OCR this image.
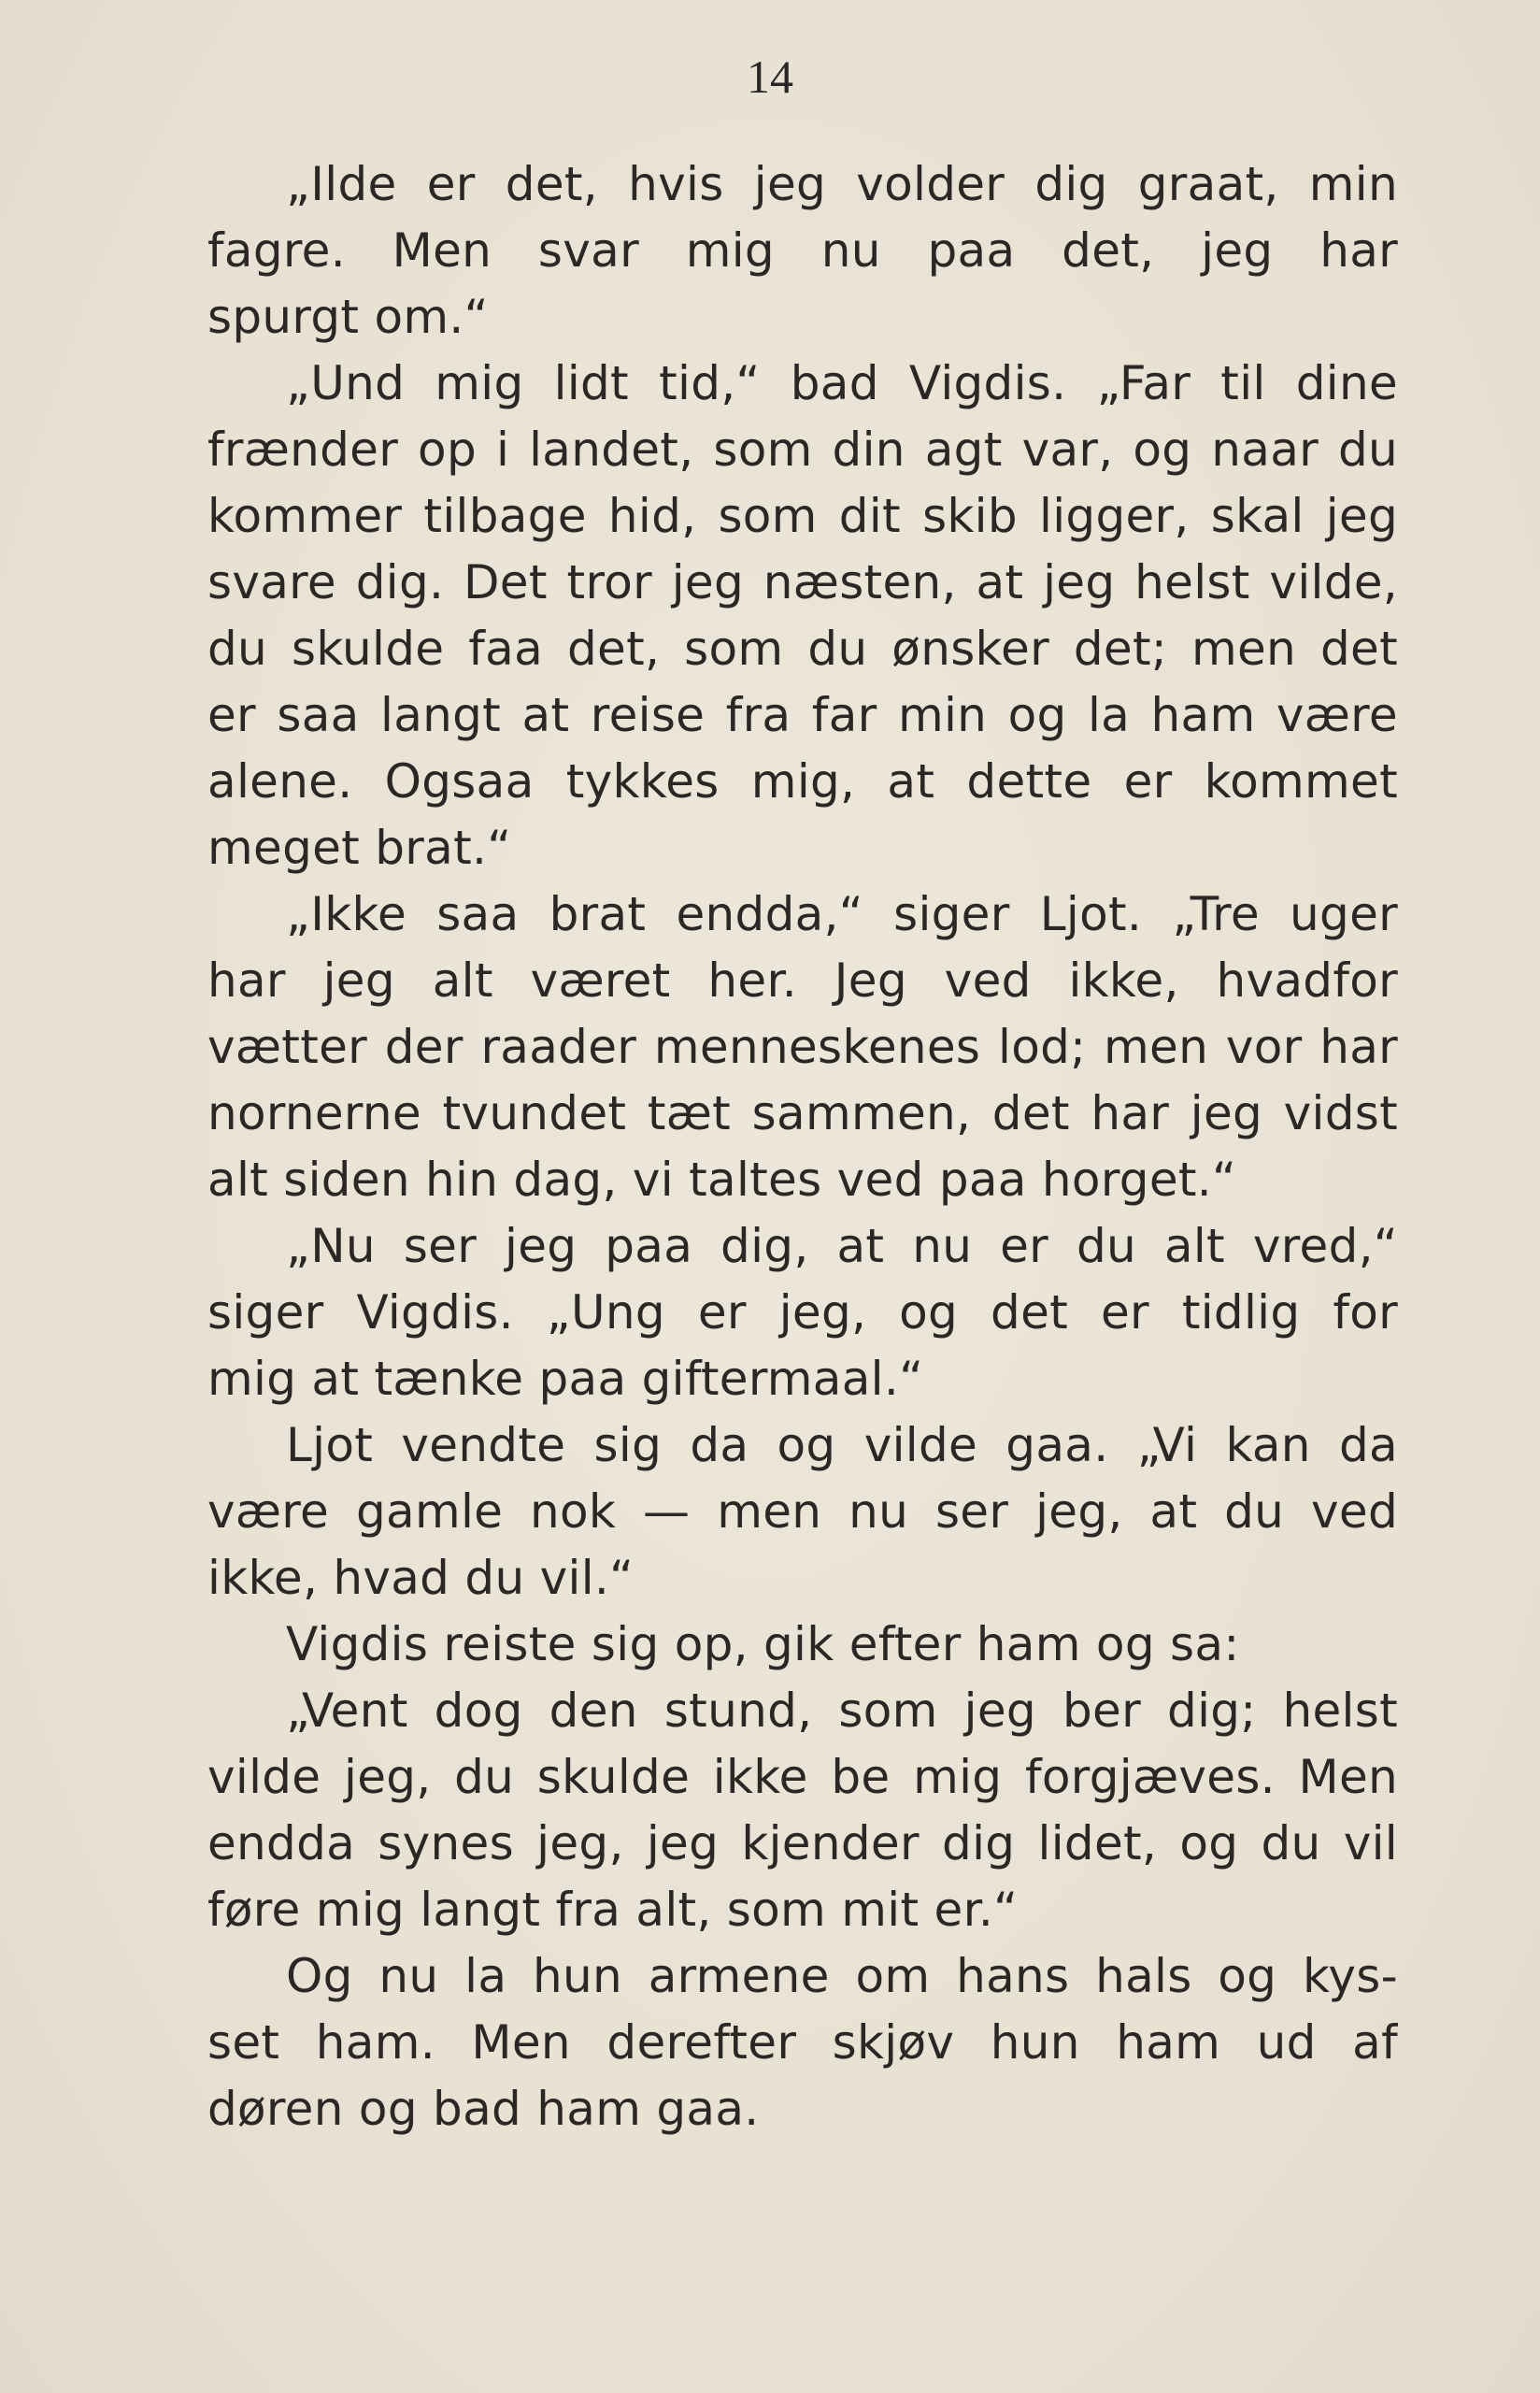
14
„Ilde er det, hvis jeg volder dig graat, min
fagre. Men svar mig nu paa det, jeg har
spurgt om.“
„Und mig lidt tid,“ bad Vigdis. „Far til dine
frænder op i landet, som din agt var, og naar du
kommer tilbage hid, som dit skib ligger, skal jeg
svare dig. Det tror jeg næsten, at jeg helst vilde,
du skulde faa det, som du ønsker det; men det
er saa langt at reise fra far min og la ham være
alene. Ogsaa tykkes mig, at dette er kommet
meget brat.“
„Ikke saa brat endda,“ siger Ljot. „Tre uger
har jeg alt været her. Jeg ved ikke, hvadfor
vætter der raader menneskenes lod; men vor har
nornerne tvundet tæt sammen, det har jeg vidst
alt siden hin dag, vi taltes ved paa horget.“
„Nu ser jeg paa dig, at nu er du alt vred,“
siger Vigdis. „Ung er jeg, og det er tidlig for
mig at tænke paa giftermaal.“
Ljot vendte sig da og vilde gaa. „Vi kan da
være gamle nok — men nu ser jeg, at du ved
ikke, hvad du vil.“
Vigdis reiste sig op, gik efter ham og sa:
„Vent dog den stund, som jeg ber dig; helst
vilde jeg, du skulde ikke be mig forgjæves. Men
endda synes jeg, jeg kjender dig lidet, og du vil
føre mig langt fra alt, som mit er.“
Og nu la hun armene om hans hals og kys-
set ham. Men derefter skjøv hun ham ud af
døren og bad ham gaa.
